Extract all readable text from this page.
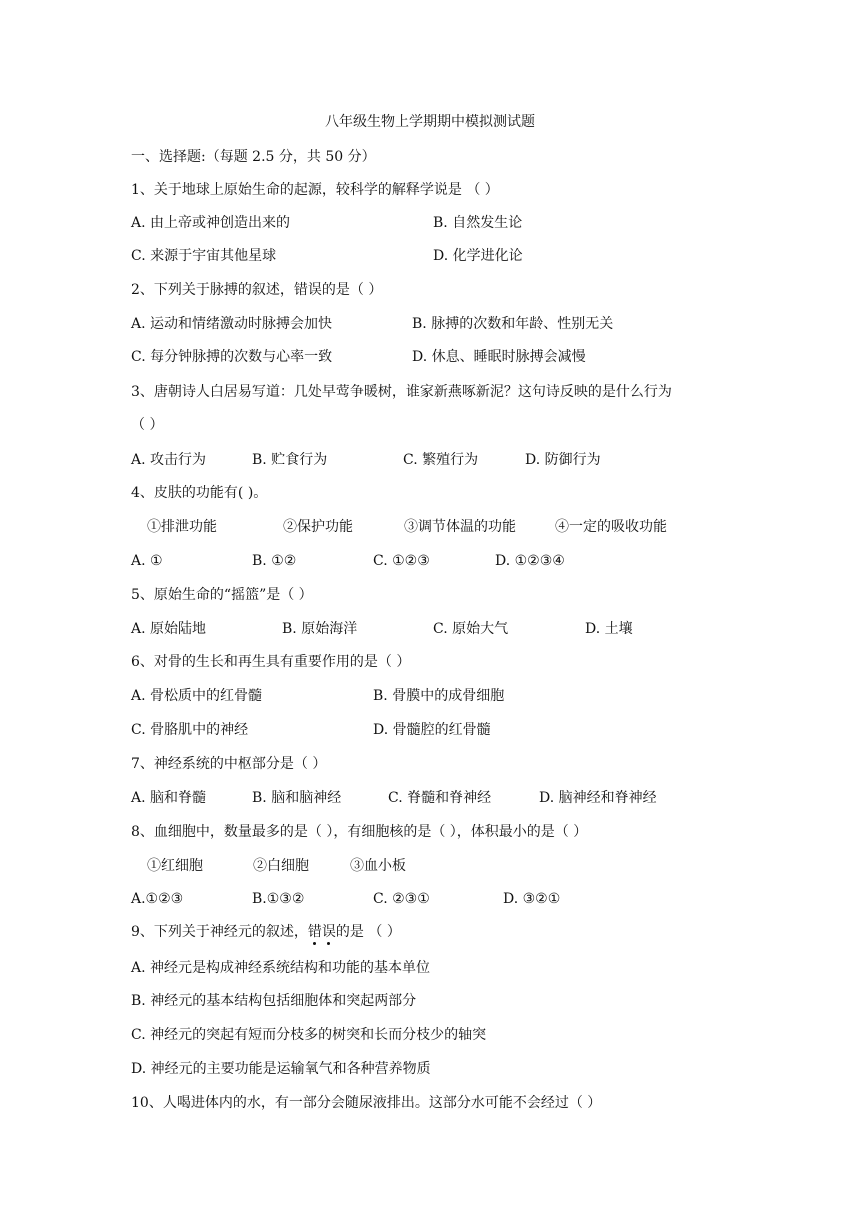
八年级生物上学期期中模拟测试题
一、选择题:（每题 2.5 分，共 50 分）
1、关于地球上原始生命的起源，较科学的解释学说是 （ ）
A. 由上帝或神创造出来的	B. 自然发生论
C. 来源于宇宙其他星球	D. 化学进化论
2、下列关于脉搏的叙述，错误的是（ ）
A. 运动和情绪激动时脉搏会加快	B. 脉搏的次数和年龄、性别无关
C. 每分钟脉搏的次数与心率一致	D. 休息、睡眠时脉搏会减慢
3、唐朝诗人白居易写道：几处早莺争暖树，谁家新燕啄新泥？这句诗反映的是什么行为
（ ）
A. 攻击行为	B. 贮食行为	C. 繁殖行为	D. 防御行为
4、皮肤的功能有( )。
①排泄功能	②保护功能	③调节体温的功能	④一定的吸收功能
A. ①	B. ①②	C. ①②③	D. ①②③④
5、原始生命的“摇篮”是（ ）
A. 原始陆地	B. 原始海洋	C. 原始大气	D. 土壤
6、对骨的生长和再生具有重要作用的是（ ）
A. 骨松质中的红骨髓	B. 骨膜中的成骨细胞
C. 骨胳肌中的神经	D. 骨髓腔的红骨髓
7、神经系统的中枢部分是（ ）
A. 脑和脊髓	B. 脑和脑神经	C. 脊髓和脊神经	D. 脑神经和脊神经
8、血细胞中，数量最多的是（ ），有细胞核的是（ ），体积最小的是（ ）
①红细胞	②白细胞	③血小板
A.①②③	B.①③②	C. ②③①	D. ③②①
9、下列关于神经元的叙述，错误的是 （ ）
A. 神经元是构成神经系统结构和功能的基本单位
B. 神经元的基本结构包括细胞体和突起两部分
C. 神经元的突起有短而分枝多的树突和长而分枝少的轴突
D. 神经元的主要功能是运输氧气和各种营养物质
10、人喝进体内的水，有一部分会随尿液排出。这部分水可能不会经过（ ）
